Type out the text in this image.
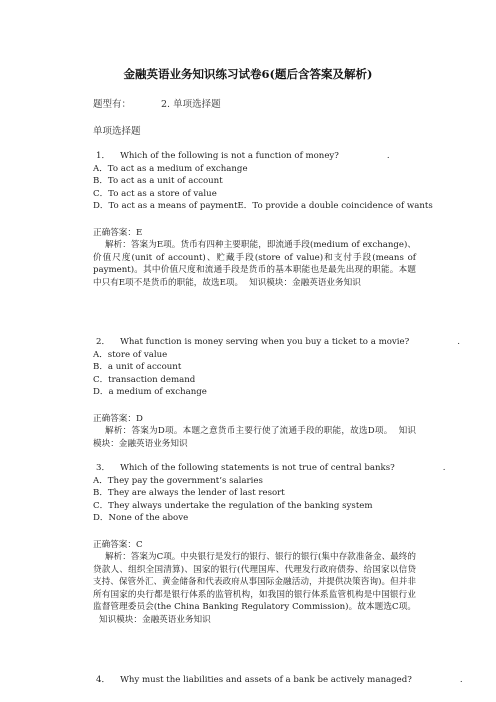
金融英语业务知识练习试卷6(题后含答案及解析)
题型有：	2. 单项选择题
单项选择题
1． Which of the following is not a function of money?	.
A．To act as a medium of exchange
B．To act as a unit of account
C．To act as a store of value
D．To act as a means of paymentE．To provide a double coincidence of wants
正确答案：E
解析：答案为E项。货币有四种主要职能，即流通手段(medium of exchange)、价值尺度(unit of account)、贮藏手段(store of value)和支付手段(means of payment)。其中价值尺度和流通手段是货币的基本职能也是最先出现的职能。本题中只有E项不是货币的职能，故选E项。 知识模块：金融英语业务知识
2． What function is money serving when you buy a ticket to a movie?	.
A．store of value
B．a unit of account
C．transaction demand
D．a medium of exchange
正确答案：D
解析：答案为D项。本题之意货币主要行使了流通手段的职能，故选D项。 知识模块：金融英语业务知识
3． Which of the following statements is not true of central banks?	.
A．They pay the government’s salaries
B．They are always the lender of last resort
C．They always undertake the regulation of the banking system
D．None of the above
正确答案：C
解析：答案为C项。中央银行是发行的银行、银行的银行(集中存款准备金、最终的贷款人、组织全国清算)、国家的银行(代理国库、代理发行政府债券、给国家以信贷支持、保管外汇、黄金储备和代表政府从事国际金融活动，并提供决策咨询)。但并非所有国家的央行都是银行体系的监管机构，如我国的银行体系监管机构是中国银行业监督管理委员会(the China Banking Regulatory Commission)。故本题选C项。知识模块：金融英语业务知识
4． Why must the liabilities and assets of a bank be actively managed?	.
